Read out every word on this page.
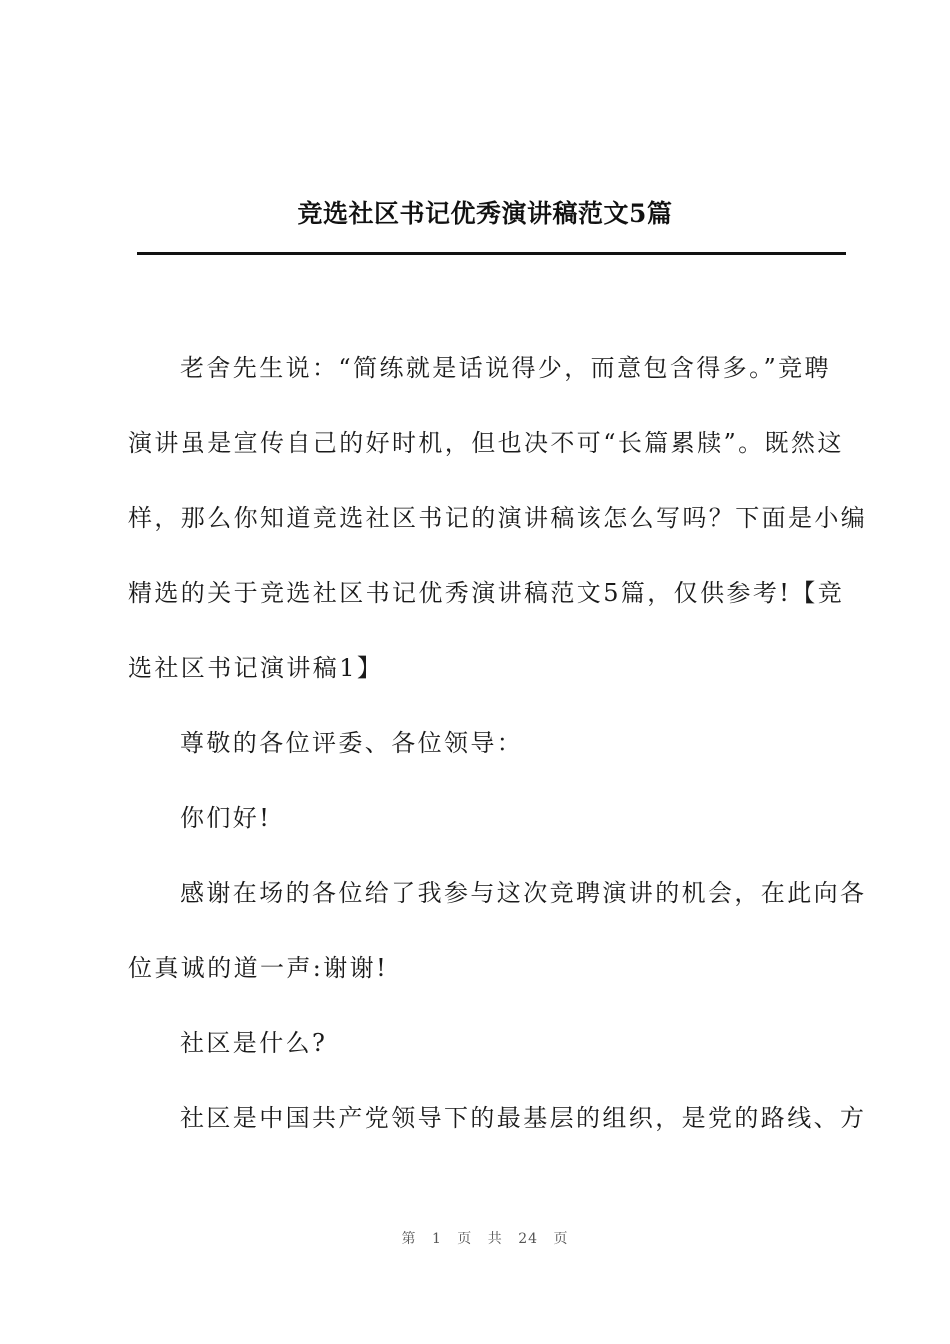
竞选社区书记优秀演讲稿范文5篇

老舍先生说：“简练就是话说得少，而意包含得多。”竞聘
演讲虽是宣传自己的好时机，但也决不可“长篇累牍”。既然这
样，那么你知道竞选社区书记的演讲稿该怎么写吗？下面是小编
精选的关于竞选社区书记优秀演讲稿范文5篇，仅供参考!【竞
选社区书记演讲稿1】

尊敬的各位评委、各位领导：

你们好!

感谢在场的各位给了我参与这次竞聘演讲的机会，在此向各
位真诚的道一声:谢谢!

社区是什么?

社区是中国共产党领导下的最基层的组织，是党的路线、方

第 1 页 共 24 页
